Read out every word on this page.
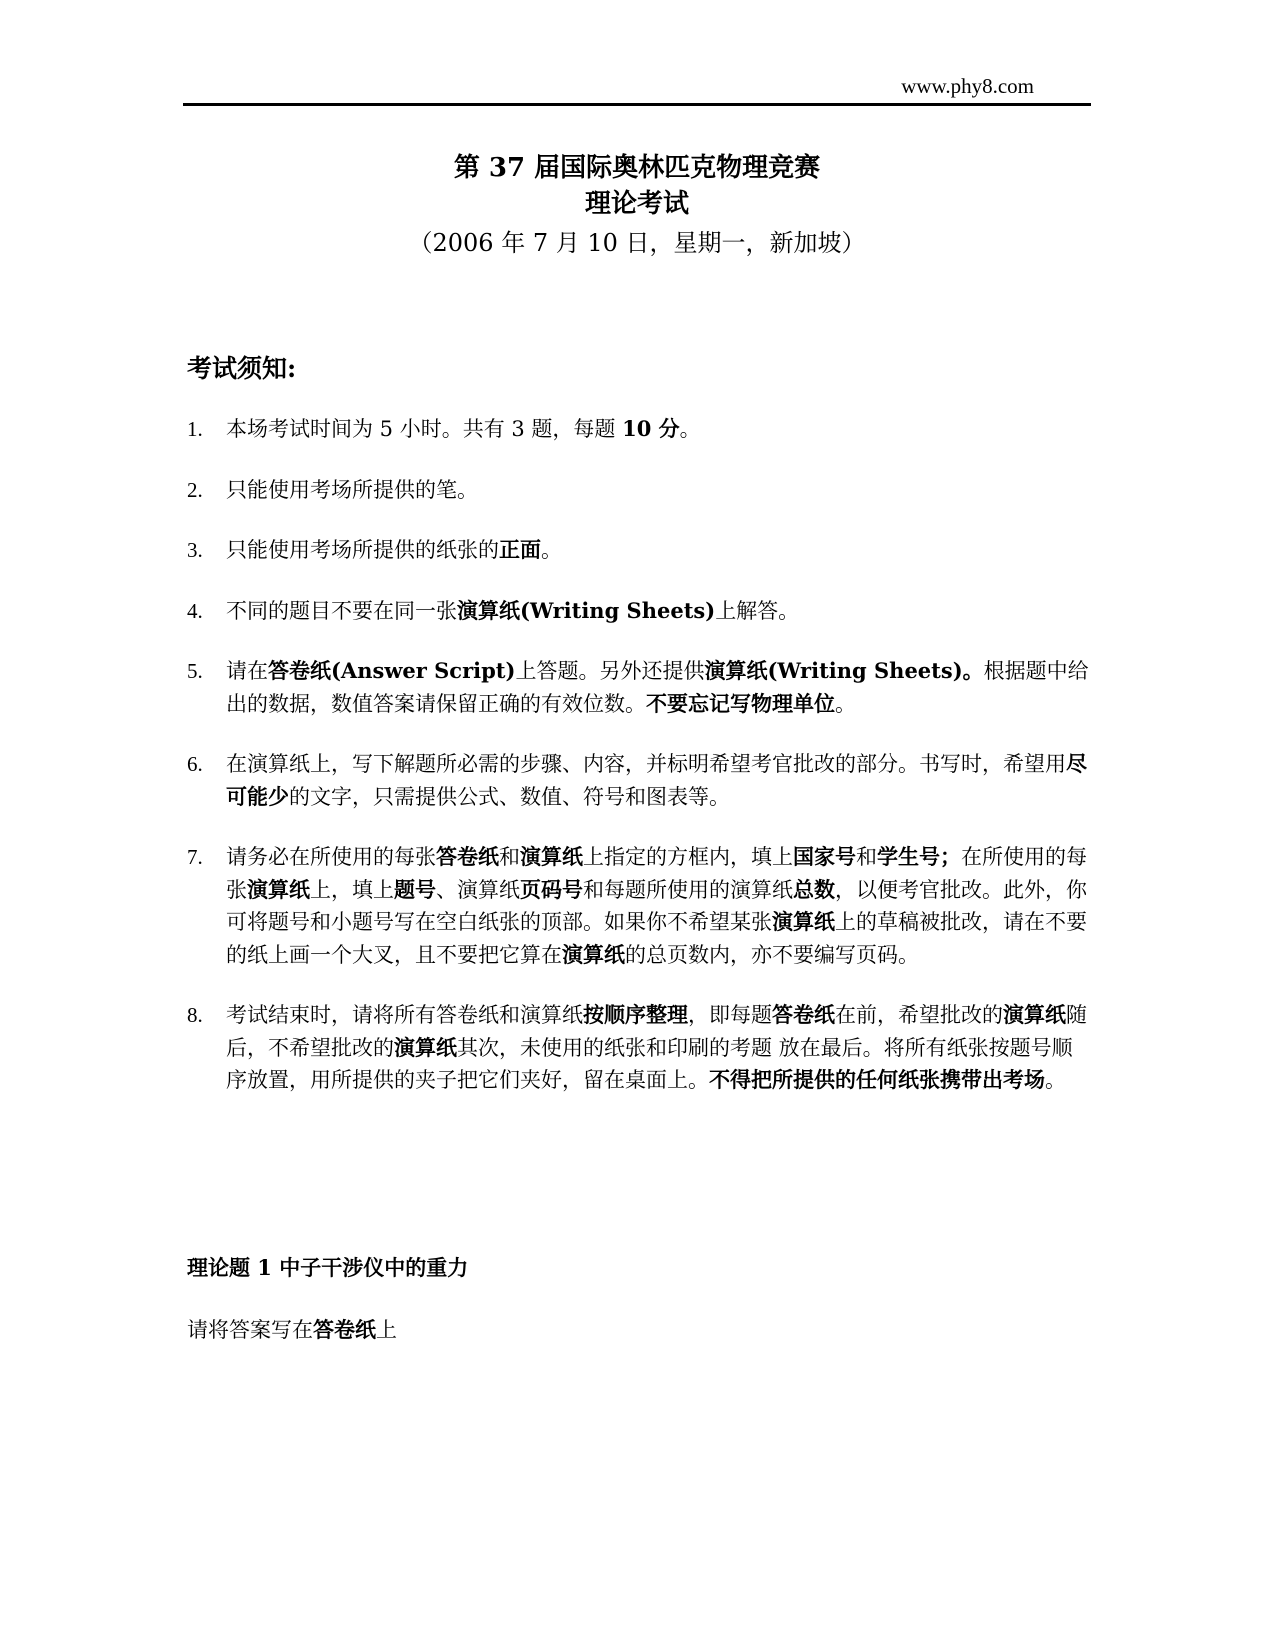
www.phy8.com
第 37 届国际奥林匹克物理竞赛
理论考试
（2006 年 7 月 10 日，星期一，新加坡）
考试须知:
1. 本场考试时间为 5 小时。共有 3 题，每题 10 分。
2. 只能使用考场所提供的笔。
3. 只能使用考场所提供的纸张的正面。
4. 不同的题目不要在同一张演算纸(Writing Sheets)上解答。
5. 请在答卷纸(Answer Script)上答题。另外还提供演算纸(Writing Sheets)。根据题中给出的数据，数值答案请保留正确的有效位数。不要忘记写物理单位。
6. 在演算纸上，写下解题所必需的步骤、内容，并标明希望考官批改的部分。书写时，希望用尽可能少的文字，只需提供公式、数值、符号和图表等。
7. 请务必在所使用的每张答卷纸和演算纸上指定的方框内，填上国家号和学生号；在所使用的每张演算纸上，填上题号、演算纸页码号和每题所使用的演算纸总数，以便考官批改。此外，你可将题号和小题号写在空白纸张的顶部。如果你不希望某张演算纸上的草稿被批改，请在不要的纸上画一个大叉，且不要把它算在演算纸的总页数内，亦不要编写页码。
8. 考试结束时，请将所有答卷纸和演算纸按顺序整理，即每题答卷纸在前，希望批改的演算纸随后，不希望批改的演算纸其次，未使用的纸张和印刷的考题 放在最后。将所有纸张按题号顺序放置，用所提供的夹子把它们夹好，留在桌面上。不得把所提供的任何纸张携带出考场。
理论题 1 中子干涉仪中的重力
请将答案写在答卷纸上
